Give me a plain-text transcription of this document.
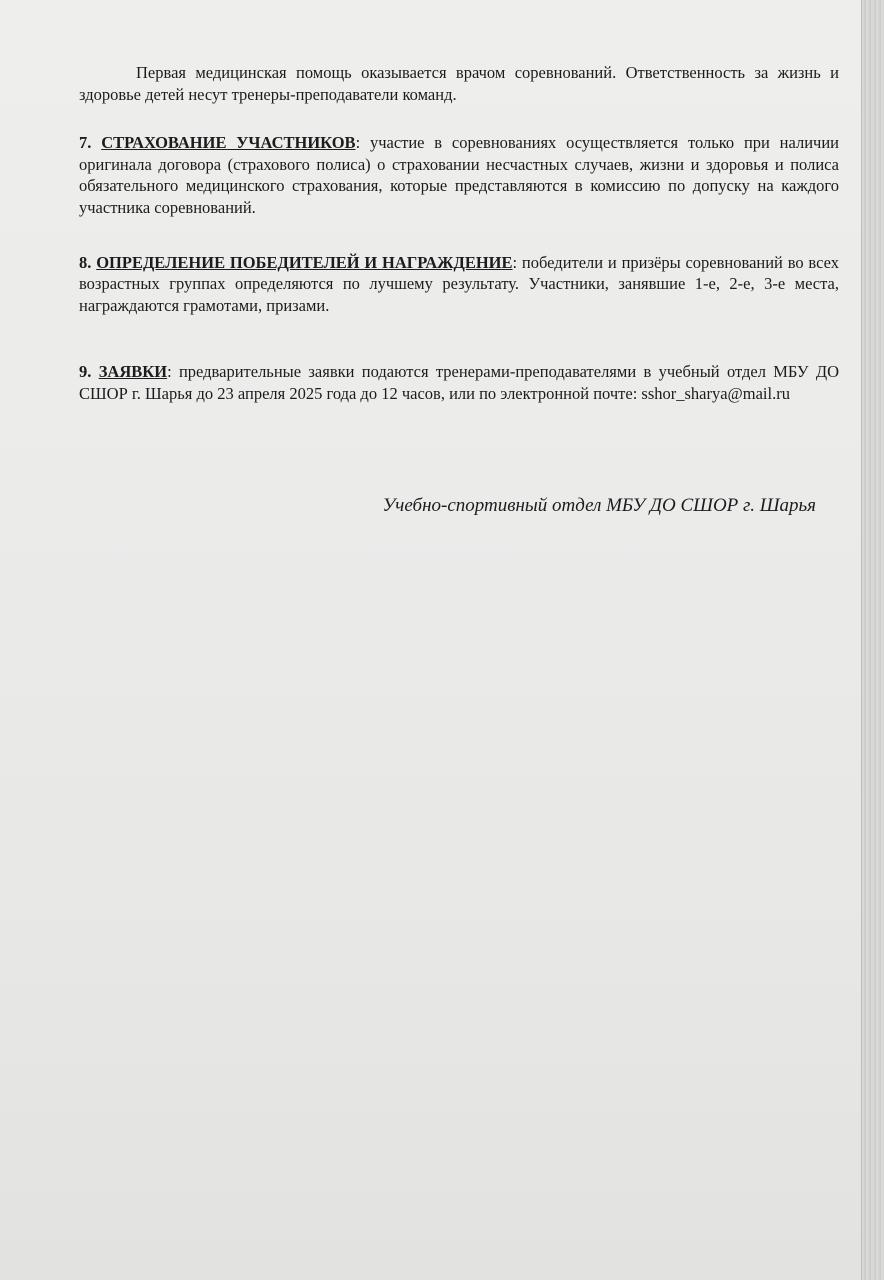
Первая медицинская помощь оказывается врачом соревнований. Ответственность за жизнь и здоровье детей несут тренеры-преподаватели команд.

7. СТРАХОВАНИЕ УЧАСТНИКОВ: участие в соревнованиях осуществляется только при наличии оригинала договора (страхового полиса) о страховании несчастных случаев, жизни и здоровья и полиса обязательного медицинского страхования, которые представляются в комиссию по допуску на каждого участника соревнований.

8. ОПРЕДЕЛЕНИЕ ПОБЕДИТЕЛЕЙ И НАГРАЖДЕНИЕ: победители и призёры соревнований во всех возрастных группах определяются по лучшему результату. Участники, занявшие 1-е, 2-е, 3-е места, награждаются грамотами, призами.

9. ЗАЯВКИ: предварительные заявки подаются тренерами-преподавателями в учебный отдел МБУ ДО СШОР г. Шарья до 23 апреля 2025 года до 12 часов, или по электронной почте: sshor_sharya@mail.ru

Учебно-спортивный отдел МБУ ДО СШОР г. Шарья
